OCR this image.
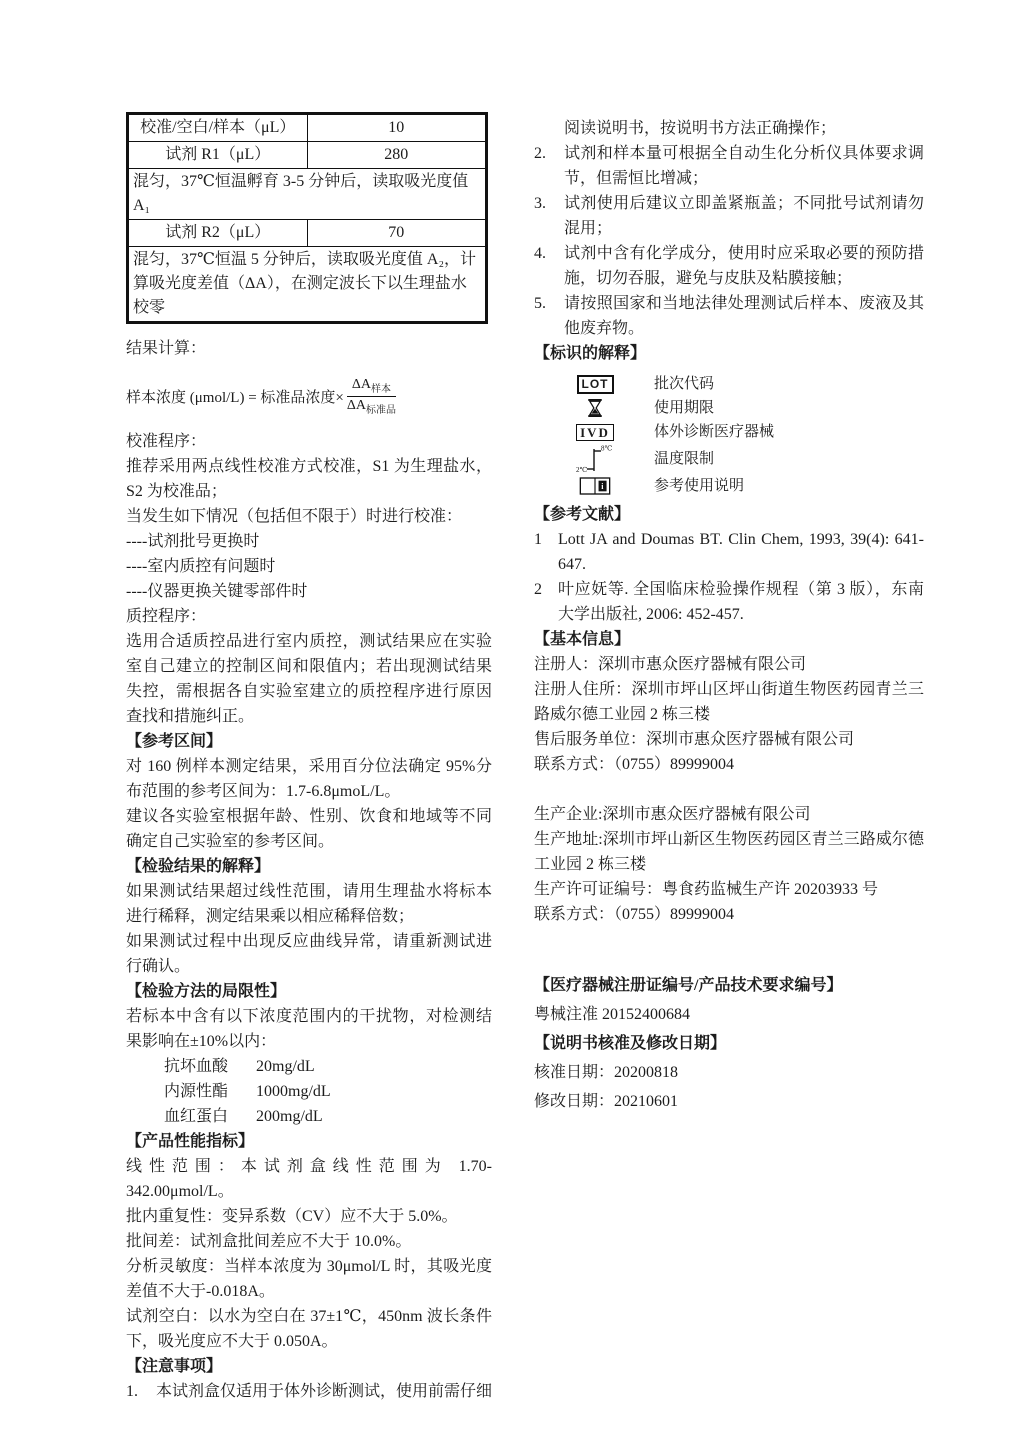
校准/空白/样本（μL）	10
试剂 R1（μL）	280
混匀，37℃恒温孵育 3-5 分钟后，读取吸光度值 A₁	
试剂 R2（μL）	70
混匀，37℃恒温 5 分钟后，读取吸光度值 A₂，计算吸光度差值（ΔA），在测定波长下以生理盐水校零	
结果计算：
样本浓度 (μmol/L) = 标准品浓度× $\frac{\Delta A_{样本}}{\Delta A_{标准品}}$
校准程序：
推荐采用两点线性校准方式校准，S1 为生理盐水，S2 为校准品；
当发生如下情况（包括但不限于）时进行校准：
----试剂批号更换时
----室内质控有问题时
----仪器更换关键零部件时
质控程序：
选用合适质控品进行室内质控，测试结果应在实验室自己建立的控制区间和限值内；若出现测试结果失控，需根据各自实验室建立的质控程序进行原因查找和措施纠正。
【参考区间】
对 160 例样本测定结果，采用百分位法确定 95%分布范围的参考区间为：1.7-6.8μmoL/L。
建议各实验室根据年龄、性别、饮食和地域等不同确定自己实验室的参考区间。
【检验结果的解释】
如果测试结果超过线性范围，请用生理盐水将标本进行稀释，测定结果乘以相应稀释倍数；
如果测试过程中出现反应曲线异常，请重新测试进行确认。
【检验方法的局限性】
若标本中含有以下浓度范围内的干扰物，对检测结果影响在±10%以内：
抗坏血酸	20mg/dL
内源性酯	1000mg/dL
血红蛋白	200mg/dL
【产品性能指标】
线性范围：本试剂盒线性范围为 1.70-342.00μmol/L。
批内重复性：变异系数（CV）应不大于 5.0%。
批间差：试剂盒批间差应不大于 10.0%。
分析灵敏度：当样本浓度为 30μmol/L 时，其吸光度差值不大于-0.018A。
试剂空白：以水为空白在 37±1℃，450nm 波长条件下，吸光度应不大于 0.050A。
【注意事项】
1.	本试剂盒仅适用于体外诊断测试，使用前需仔细
阅读说明书，按说明书方法正确操作；
2.	试剂和样本量可根据全自动生化分析仪具体要求调节，但需恒比增减；
3.	试剂使用后建议立即盖紧瓶盖；不同批号试剂请勿混用；
4.	试剂中含有化学成分，使用时应采取必要的预防措施，切勿吞服，避免与皮肤及粘膜接触；
5.	请按照国家和当地法律处理测试后样本、废液及其他废弃物。
【标识的解释】
LOT	批次代码
使用期限
IVD	体外诊断医疗器械
8℃
2℃
温度限制
i	参考使用说明
【参考文献】
1	Lott JA and Doumas BT. Clin Chem, 1993, 39(4): 641-647.
2	叶应妩等. 全国临床检验操作规程（第 3 版），东南大学出版社, 2006: 452-457.
【基本信息】
注册人：深圳市惠众医疗器械有限公司
注册人住所：深圳市坪山区坪山街道生物医药园青兰三路威尔德工业园 2 栋三楼
售后服务单位：深圳市惠众医疗器械有限公司
联系方式：（0755）89999004
生产企业:深圳市惠众医疗器械有限公司
生产地址:深圳市坪山新区生物医药园区青兰三路威尔德工业园 2 栋三楼
生产许可证编号：粤食药监械生产许 20203933 号
联系方式：（0755）89999004
【医疗器械注册证编号/产品技术要求编号】
粤械注准 20152400684
【说明书核准及修改日期】
核准日期：20200818
修改日期：20210601
